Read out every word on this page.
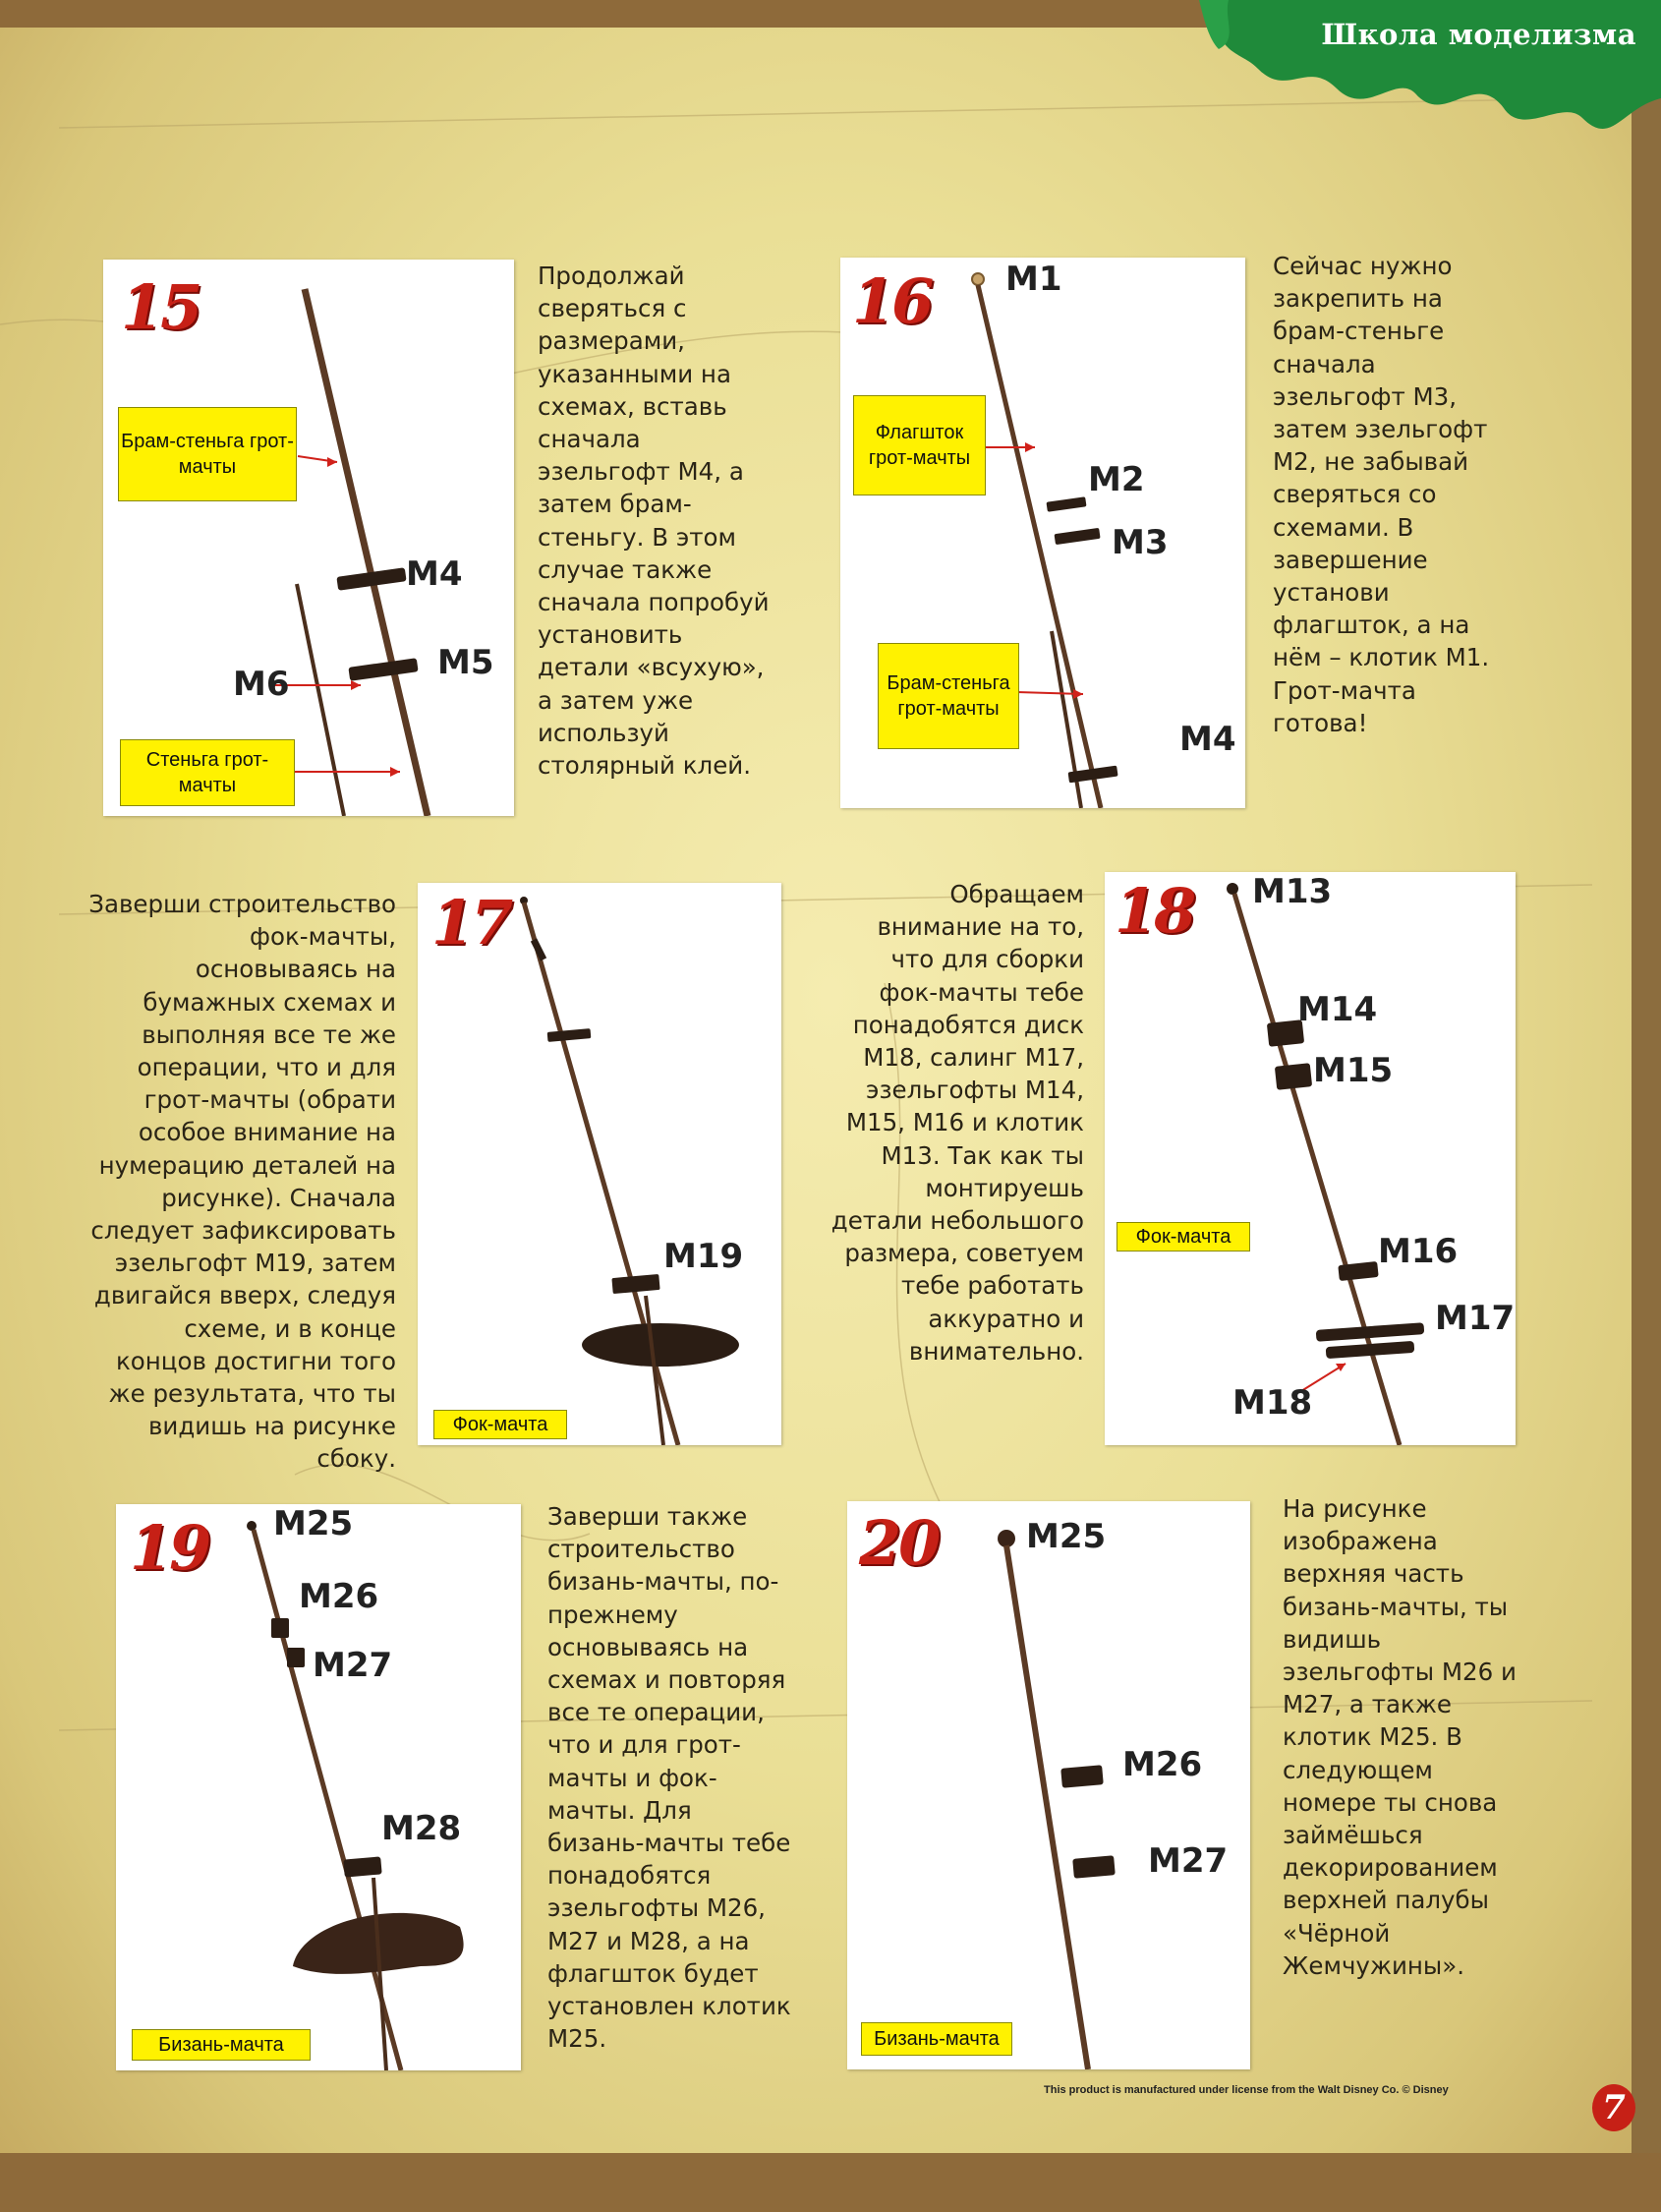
Школа моделизма
15
M4
M5
M6
Брам-стеньга грот-мачты
Стеньга грот-мачты
Продолжай сверяться с размерами, указанными на схемах, вставь сначала эзельгофт М4, а затем брам-стеньгу. В этом случае также сначала попробуй установить детали «всухую», а затем уже используй столярный клей.
16 M1
M2
M3
M4
Флагшток грот-мачты
Брам-стеньга грот-мачты
Сейчас нужно закрепить на брам-стеньге сначала эзельгофт М3, затем эзельгофт М2, не забывай сверяться со схемами. В завершение установи флагшток, а на нём – клотик М1. Грот-мачта готова!
Заверши строительство фок-мачты, основываясь на бумажных схемах и выполняя все те же операции, что и для грот-мачты (обрати особое внимание на нумерацию деталей на рисунке). Сначала следует зафиксировать эзельгофт М19, затем двигайся вверх, следуя схеме, и в конце концов достигни того же результата, что ты видишь на рисунке сбоку.
17
M19
Фок-мачта
Обращаем внимание на то, что для сборки фок-мачты тебе понадобятся диск М18, салинг М17, эзельгофты М14, М15, М16 и клотик М13. Так как ты монтируешь детали небольшого размера, советуем тебе работать аккуратно и внимательно.
18 M13
M14
M15
M16
M17
M18
Фок-мачта
19 M25
M26
M27
M28
Бизань-мачта
Заверши также строительство бизань-мачты, по-прежнему основываясь на схемах и повторяя все те операции, что и для грот-мачты и фок-мачты. Для бизань-мачты тебе понадобятся эзельгофты М26, М27 и М28, а на флагшток будет установлен клотик М25.
20	M25
M26
M27
Бизань-мачта
На рисунке изображена верхняя часть бизань-мачты, ты видишь эзельгофты М26 и М27, а также клотик М25. В следующем номере ты снова займёшься декорированием верхней палубы «Чёрной Жемчужины».
This product is manufactured under license from the Walt Disney Co. © Disney	7
